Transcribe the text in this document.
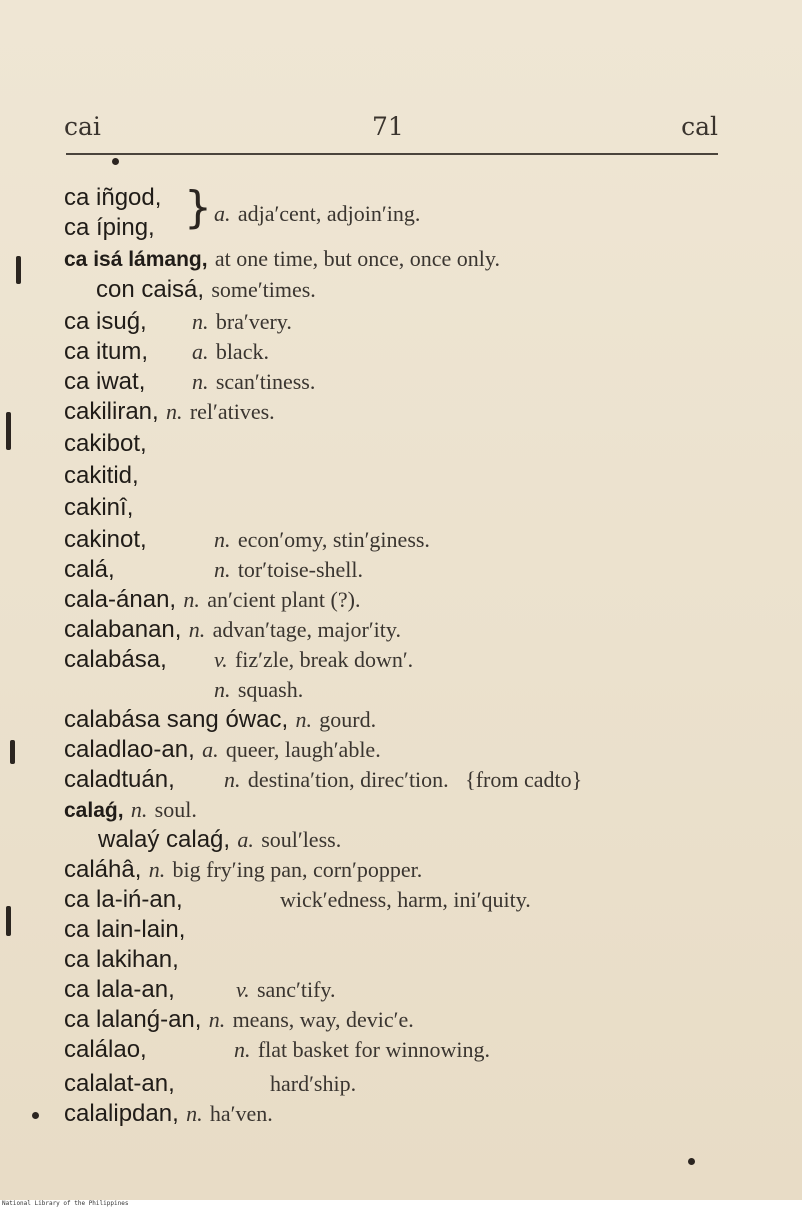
cai	71	cal
ca iñgod,
ca íping, } a. adja′cent, adjoin′ing.
ca isá lámang, at one time, but once, once only.
con caisá, some′times.
ca isuǵ, n. bra′very.
ca itum, a. black.
ca iwat, n. scan′tiness.
cakiliran, n. rel′atives.
cakibot,
cakitid,
cakinî,
cakinot,	n. econ′omy, stin′giness.
calá,	n. tor′toise-shell.
cala-ánan, n. an′cient plant (?).
calabanan, n. advan′tage, major′ity.
calabása, v. fiz′zle, break down′.
n. squash.
calabása sang ówac, n. gourd.
caladlao-an, a. queer, laugh′able.
caladtuán, n. destina′tion, direc′tion.   {from cadto}
calaǵ, n. soul.
walaý calaǵ, a. soul′less.
caláhâ, n. big fry′ing pan, corn′popper.
ca la-iń-an,	wick′edness, harm, ini′quity.
ca lain-lain,
ca lakihan,
ca lala-an,	v. sanc′tify.
ca lalanǵ-an, n. means, way, devic′e.
calálao,	n. flat basket for winnowing.
calalat-an,	hard′ship.
calalipdan, n. ha′ven.
National Library of the Philippines
